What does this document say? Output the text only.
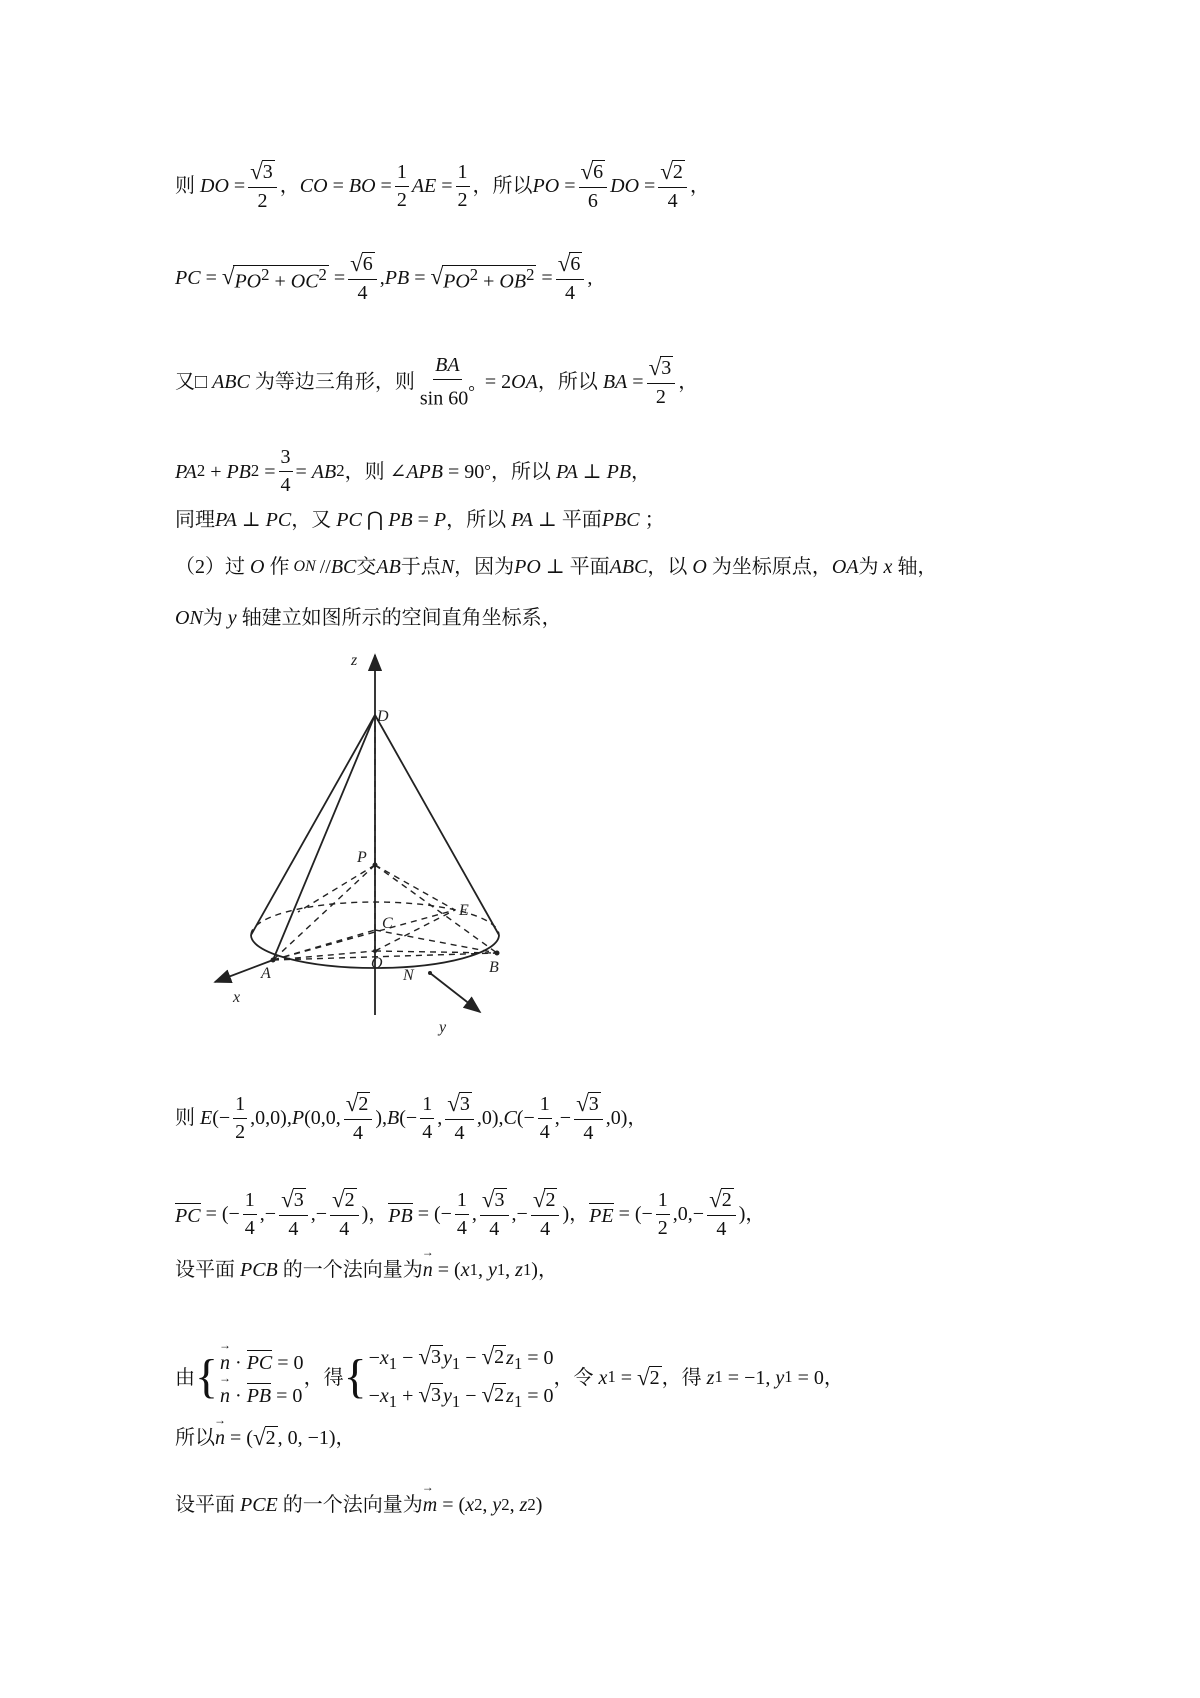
则 DO = $\frac{√ 3}{2}$ ， CO = BO = $\frac{1}{2}$ AE = $\frac{1}{2}$ ， 所以 PO = $\frac{√ 6}{6}$ DO = $\frac{√ 2}{4}$ ，
PC = √ $PO^2 + OC^2 = \frac{√ 6}{4}$ , PB = √ $PO^2 + OB^2 = \frac{√ 6}{4}$ ,
又 □ ABC
为等边三角形，则 $\frac{BA}{\sin 60^\circ} = 2$ OA ， 所以 BA = $\frac{√ 3}{2}$ ，
PA 2 + PB $2 = \frac{3}{4}$ = AB 2 ， 则 ∠ APB = 90 ° ， 所以 PA ⊥ PB ，
同理 PA ⊥ PC ，又 PC ⋂ PB = P ， 所以 PA ⊥ 平面 PBC
；
（2）过 O 作 ON // BC 交 AB 于点 N ，因为 PO ⊥ 平面 ABC ，以 O 为坐标原点， OA 为 x 轴，
ON 为 y 轴建立如图所示的空间直角坐标系，
z
D
P
C
E
O
A	B
N
x
y
则 E (− $\frac{1}{2} ,0,0$), P (0,0, $\frac{√ 2}{4}$ ), B (− $\frac{1}{4}$ , $\frac{√ 3}{4} ,0$), C (− $\frac{1}{4}$ ,− $\frac{√ 3}{4} ,0$) ，
PC = (− $\frac{1}{4}$ ,− $\frac{√ 3}{4}$ ,− $\frac{√ 2}{4}$ ) ， PB = (− $\frac{1}{4}$ , $\frac{√ 3}{4}$ ,− $\frac{√ 2}{4}$ ) ， PE = (− $\frac{1}{2} ,0,- \frac{√ 2}{4}$ ) ，
设平面 PCB 的一个法向量为 → n = ( x 1 , y 1 , z 1 ) ，
由 { → n · PC = 0
→ n · PB = 0
， 得 { $-x_1$ − √ 3 $y_1$ − √ 2 $z_1 = 0$
$-x_1$ + √ 3 $y_1$ − √ 2 $z_1 = 0$
， 令 x 1 = √ 2 ， 得 z 1 = −1, y 1 = 0 ，
所以 → n = ( √ 2 , 0, −1) ，
设平面 PCE 的一个法向量为 → m = ( x 2 , y 2 , z 2 )
